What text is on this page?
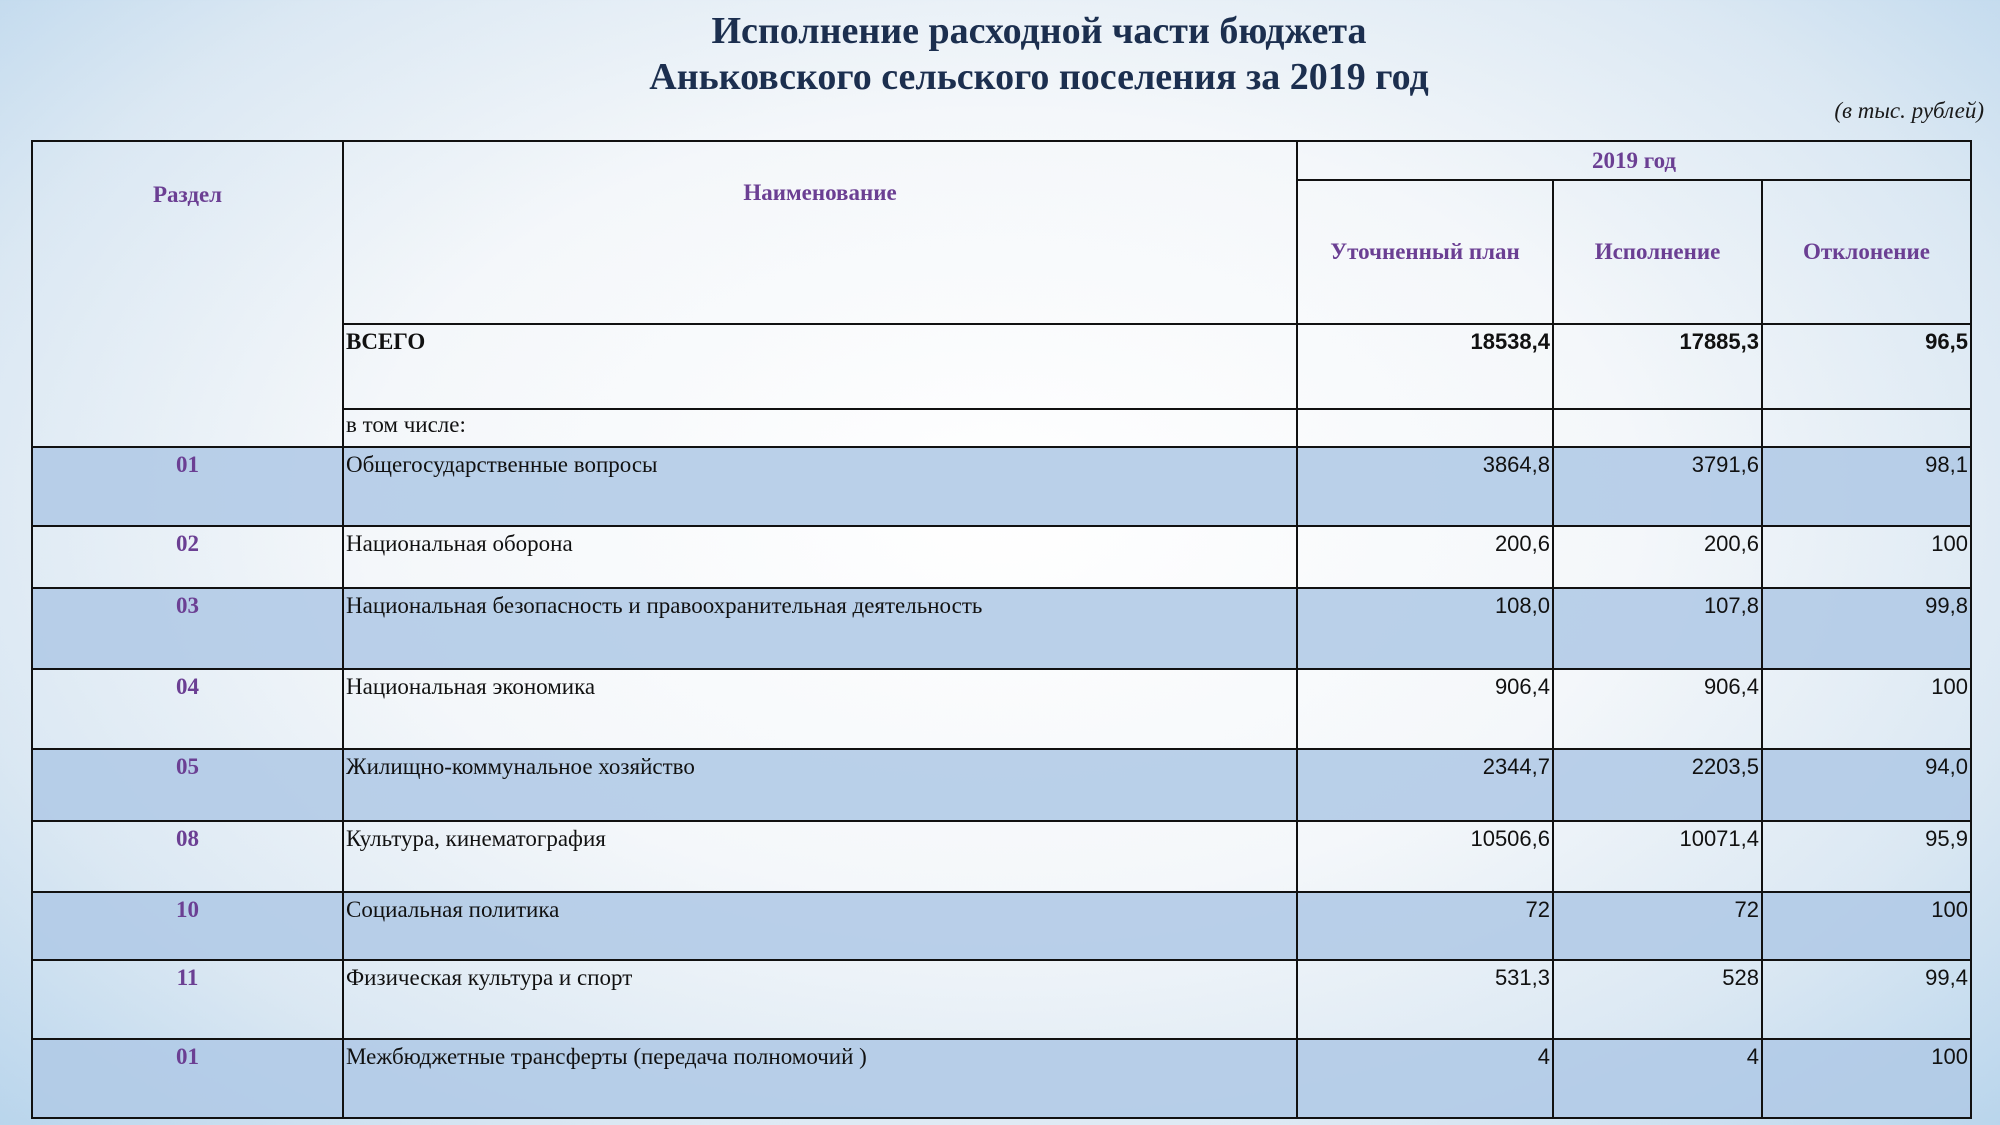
Исполнение расходной части бюджета
Аньковского сельского поселения за 2019 год
(в тыс. рублей)
Раздел	Наименование	2019 год		
		Уточненный план	Исполнение	Отклонение
	ВСЕГО	18538,4	17885,3	96,5
	в том числе:			

01	Общегосударственные вопросы	3864,8	3791,6	98,1
02	Национальная оборона	200,6	200,6	100
03	Национальная безопасность и правоохранительная деятельность	108,0	107,8	99,8
04	Национальная экономика	906,4	906,4	100
05	Жилищно-коммунальное хозяйство	2344,7	2203,5	94,0
08	Культура, кинематография	10506,6	10071,4	95,9
10	Социальная политика	72	72	100
11	Физическая культура и спорт	531,3	528	99,4
01	Межбюджетные трансферты (передача полномочий )	4	4	100
